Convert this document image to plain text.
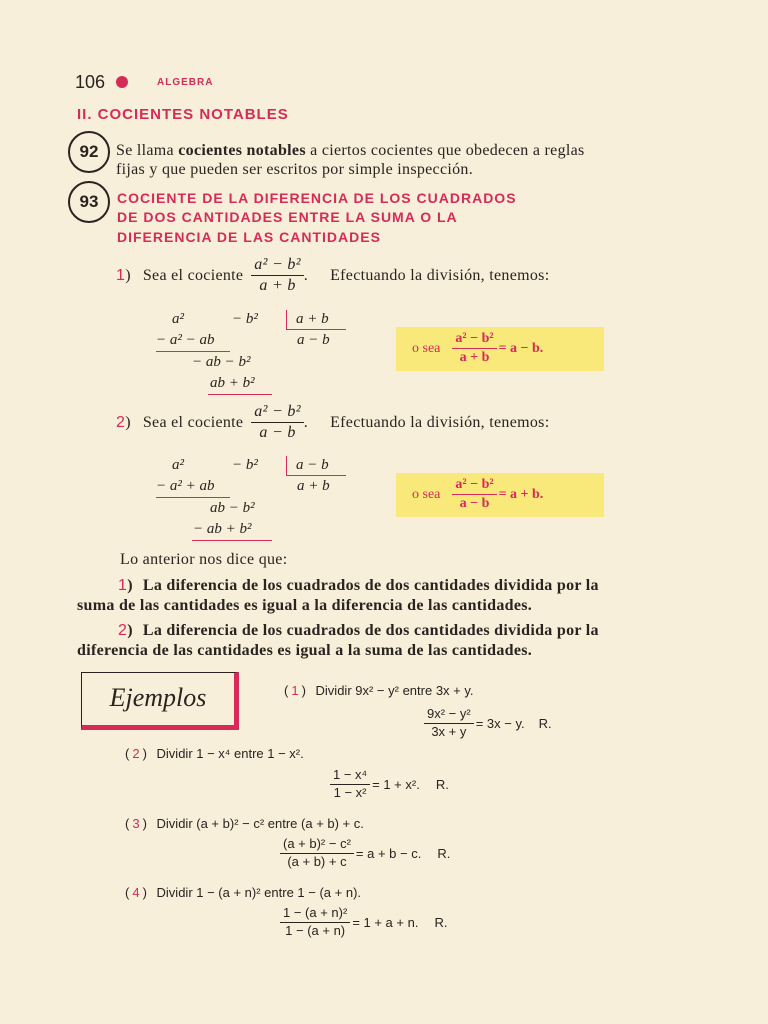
106	ALGEBRA
II. COCIENTES NOTABLES
92	Se llama cocientes notables a ciertos cocientes que obedecen a reglas
fijas y que pueden ser escritos por simple inspección.
93	COCIENTE DE LA DIFERENCIA DE LOS CUADRADOS
DE DOS CANTIDADES ENTRE LA SUMA O LA
DIFERENCIA DE LAS CANTIDADES
1 ) Sea el cociente $\frac{\text{a² − b²}}{a + b}$ . Efectuando la división, tenemos:
a²	− b²	a + b
a − b
− a² − ab
− ab − b²
ab + b²
o sea $\frac{\text{a² − b²}}{a + b} = a - b$.
2 ) Sea el cociente $\frac{\text{a² − b²}}{a - b}$ . Efectuando la división, tenemos:
a²	− b²	a − b
a + b
− a² + ab
ab − b²
− ab + b²
o sea $\frac{\text{a² − b²}}{a - b} = a + b$.
Lo anterior nos dice que:
1) La diferencia de los cuadrados de dos cantidades dividida por la
suma de las cantidades es igual a la diferencia de las cantidades.
2) La diferencia de los cuadrados de dos cantidades dividida por la
diferencia de las cantidades es igual a la suma de las cantidades.
Ejemplos	( 1 ) Dividir 9x² − y² entre 3x + y.
$\frac{\text{9x² − y²}}{3x + y} = 3x - y$. R.
( 2 ) Dividir 1 − x⁴ entre 1 − x².
$\frac{\text{1 − x⁴}}{\text{1 − x²}} = 1 + x^2$. R.
( 3 ) Dividir (a + b)² − c² entre (a + b) + c.
$\frac{\text{(a + b)² − c²}}{(a + b) + c} = a + b - c$. R.
( 4 ) Dividir 1 − (a + n)² entre 1 − (a + n).
$\frac{\text{1 − (a + n)²}}{1 - (a + n)} = 1 + a + n$. R.
